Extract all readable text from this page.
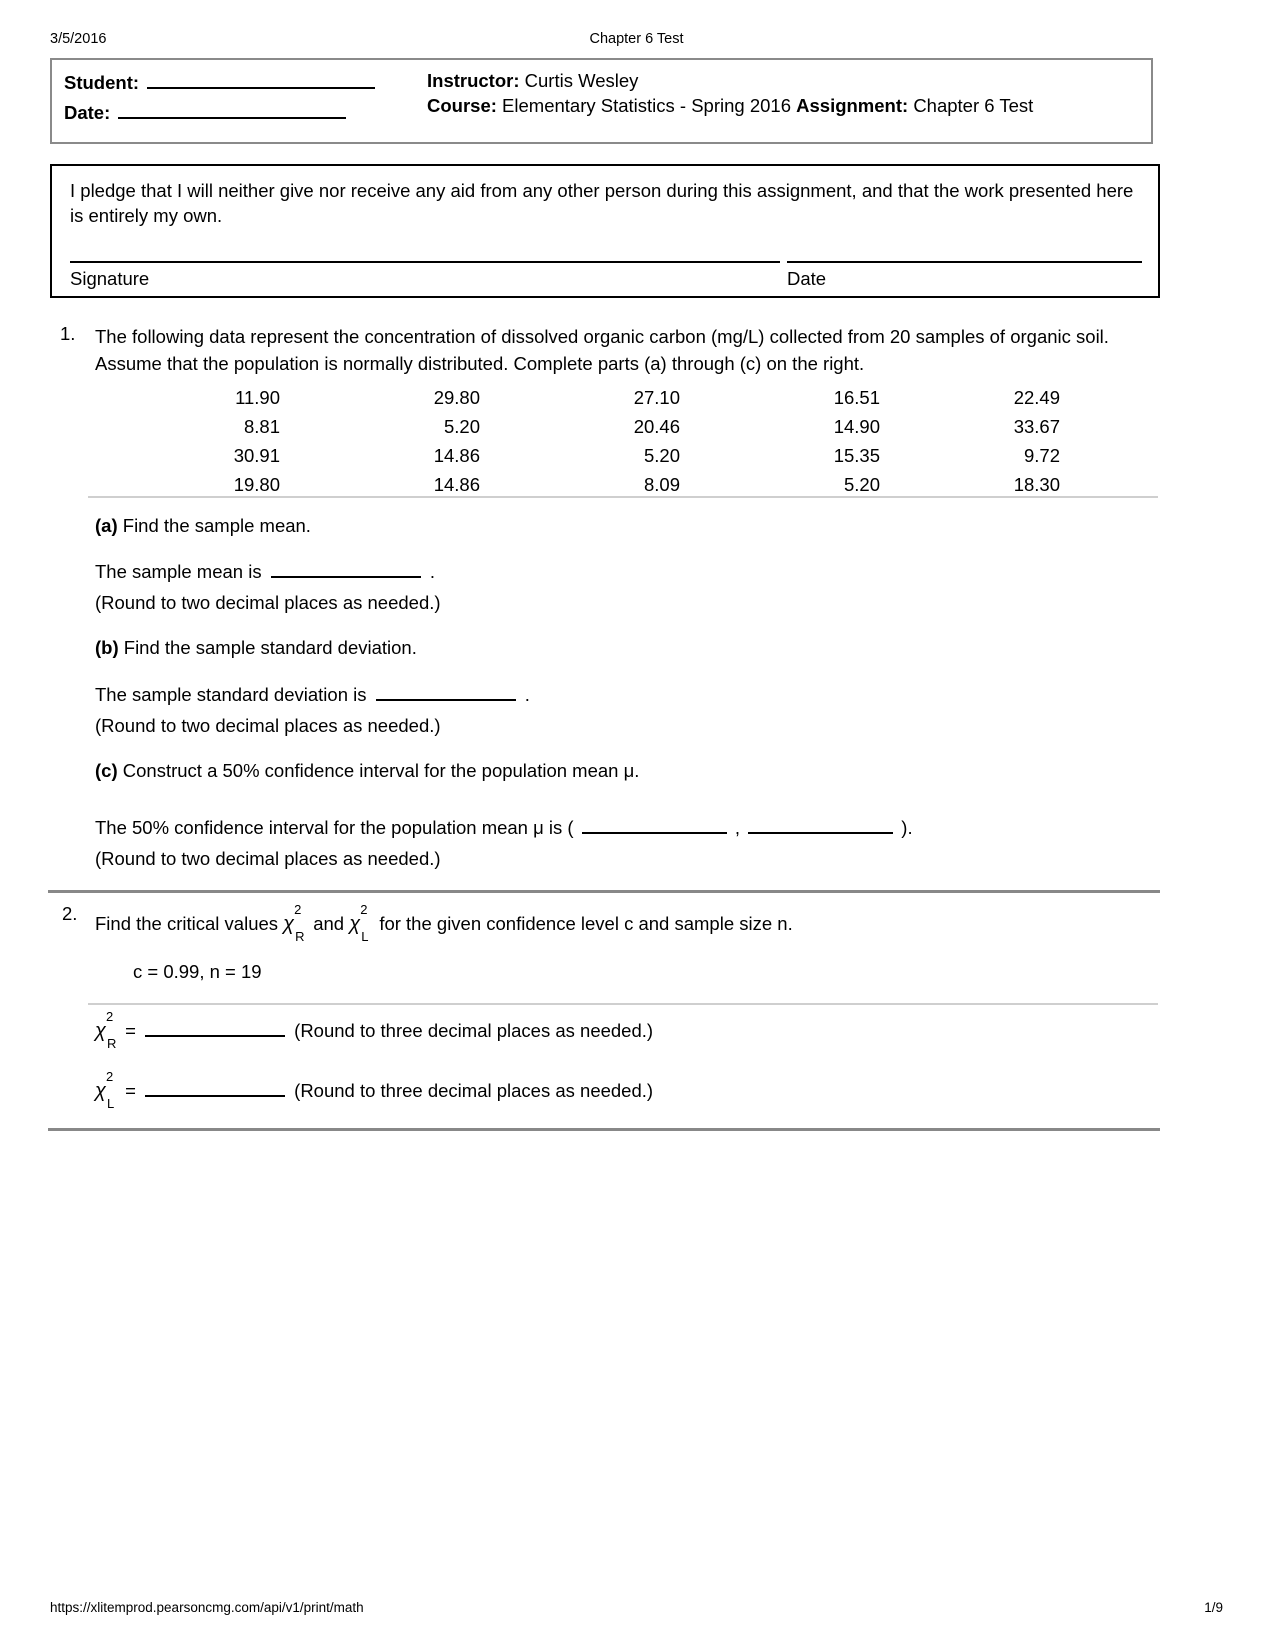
3/5/2016	Chapter 6 Test
Student:
Date:
Instructor: Curtis Wesley
Course: Elementary Statistics - Spring 2016 Assignment: Chapter 6 Test
I pledge that I will neither give nor receive any aid from any other person during this assignment, and that the work presented here is entirely my own.
Signature	Date
1. The following data represent the concentration of dissolved organic carbon (mg/L) collected from 20 samples of organic soil. Assume that the population is normally distributed. Complete parts (a) through (c) on the right.
11.90	29.80	27.10	16.51	22.49
8.81	5.20	20.46	14.90	33.67
30.91	14.86	5.20	15.35	9.72
19.80	14.86	8.09	5.20	18.30
(a) Find the sample mean.
The sample mean is	.
(Round to two decimal places as needed.)
(b) Find the sample standard deviation.
The sample standard deviation is	.
(Round to two decimal places as needed.)
(c) Construct a 50% confidence interval for the population mean μ.
The 50% confidence interval for the population mean μ is (	,	).
(Round to two decimal places as needed.)
2. Find the critical values χ
2
R
and χ
2
L
for the given confidence level c and sample size n.
c = 0.99, n = 19
χ
2
R
=	(Round to three decimal places as needed.)
χ
2
L
=	(Round to three decimal places as needed.)
https://xlitemprod.pearsoncmg.com/api/v1/print/math	1/9
